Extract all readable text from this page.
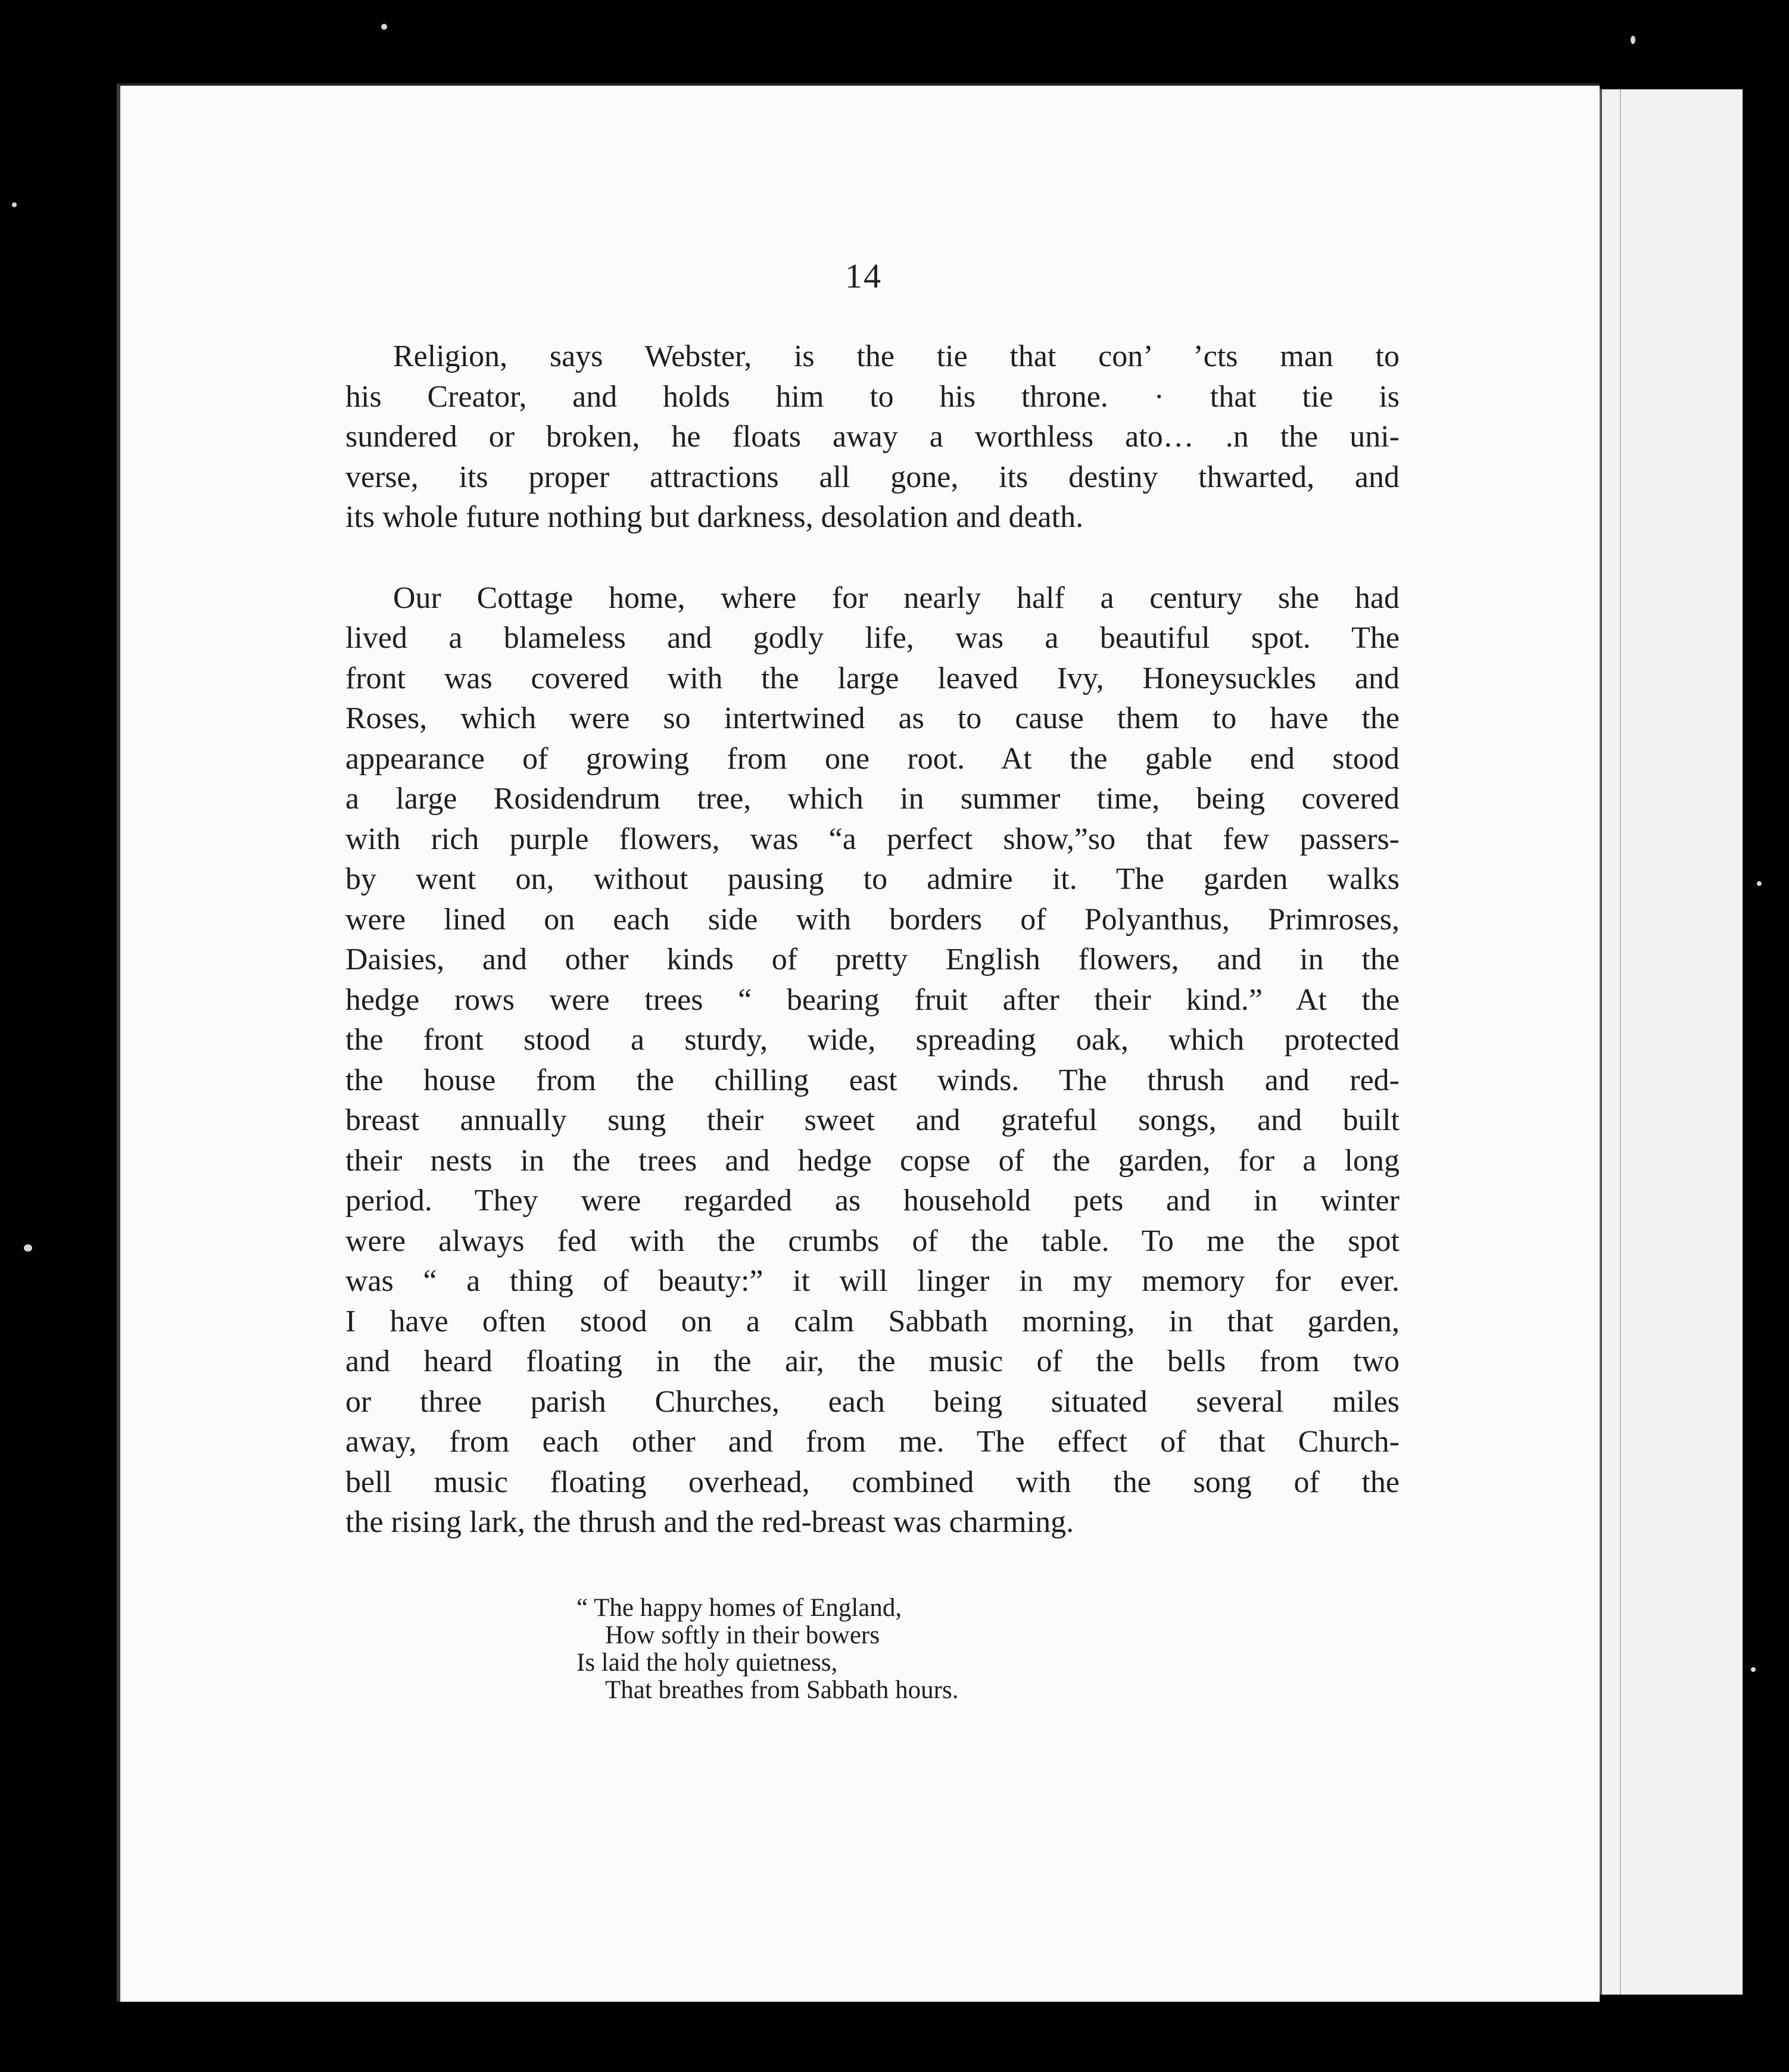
14
Religion, says Webster, is the tie that con’ ’cts man to
his Creator, and holds him to his throne. · that tie is
sundered or broken, he floats away a worthless ato… .n the uni-
verse, its proper attractions all gone, its destiny thwarted, and
its whole future nothing but darkness, desolation and death.
Our Cottage home, where for nearly half a century she had
lived a blameless and godly life, was a beautiful spot. The
front was covered with the large leaved Ivy, Honeysuckles and
Roses, which were so intertwined as to cause them to have the
appearance of growing from one root. At the gable end stood
a large Rosidendrum tree, which in summer time, being covered
with rich purple flowers, was “a perfect show,”so that few passers-
by went on, without pausing to admire it. The garden walks
were lined on each side with borders of Polyanthus, Primroses,
Daisies, and other kinds of pretty English flowers, and in the
hedge rows were trees “ bearing fruit after their kind.” At the
the front stood a sturdy, wide, spreading oak, which protected
the house from the chilling east winds. The thrush and red-
breast annually sung their sweet and grateful songs, and built
their nests in the trees and hedge copse of the garden, for a long
period. They were regarded as household pets and in winter
were always fed with the crumbs of the table. To me the spot
was “ a thing of beauty:” it will linger in my memory for ever.
I have often stood on a calm Sabbath morning, in that garden,
and heard floating in the air, the music of the bells from two
or three parish Churches, each being situated several miles
away, from each other and from me. The effect of that Church-
bell music floating overhead, combined with the song of the
the rising lark, the thrush and the red-breast was charming.
“ The happy homes of England,
How softly in their bowers
Is laid the holy quietness,
That breathes from Sabbath hours.
